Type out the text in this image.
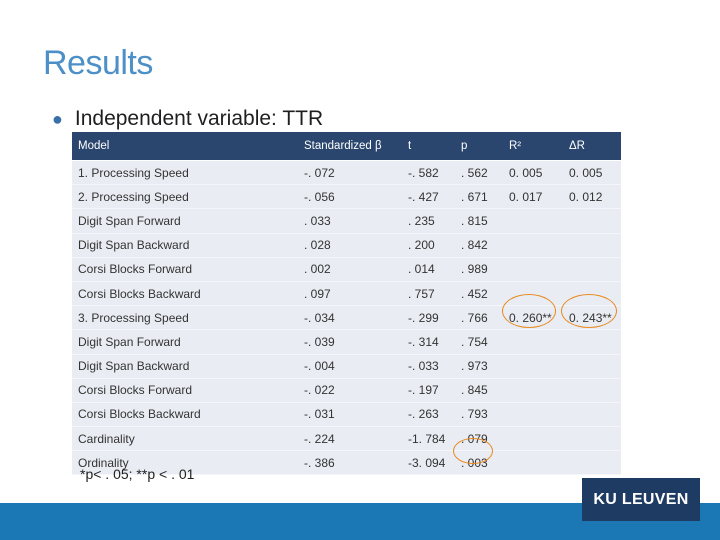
Results
● Independent variable: TTR
Model	Standardized β	t	p	R²	ΔR
1. Processing Speed	-. 072	-. 582	. 562	0. 005	0. 005
2. Processing Speed	-. 056	-. 427	. 671	0. 017	0. 012
Digit Span Forward	. 033	. 235	. 815		
Digit Span Backward	. 028	. 200	. 842		
Corsi Blocks Forward	. 002	. 014	. 989		
Corsi Blocks Backward	. 097	. 757	. 452		
3. Processing Speed	-. 034	-. 299	. 766	0. 260**	0. 243**
Digit Span Forward	-. 039	-. 314	. 754		
Digit Span Backward	-. 004	-. 033	. 973		
Corsi Blocks Forward	-. 022	-. 197	. 845		
Corsi Blocks Backward	-. 031	-. 263	. 793		
Cardinality	-. 224	-1. 784	. 079		
Ordinality	-. 386	-3. 094	. 003		
*p< . 05; **p < . 01
KU LEUVEN
